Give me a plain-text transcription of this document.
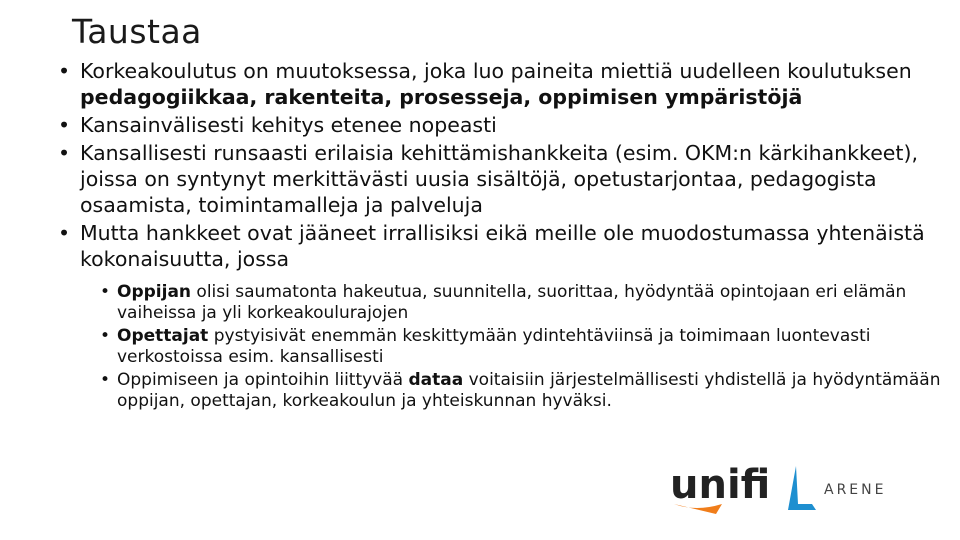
Taustaa
• Korkeakoulutus on muutoksessa, joka luo paineita miettiä uudelleen koulutuksen pedagogiikkaa, rakenteita, prosesseja, oppimisen ympäristöjä
• Kansainvälisesti kehitys etenee nopeasti
• Kansallisesti runsaasti erilaisia kehittämishankkeita (esim. OKM:n kärkihankkeet), joissa on syntynyt merkittävästi uusia sisältöjä, opetustarjontaa, pedagogista osaamista, toimintamalleja ja palveluja
• Mutta hankkeet ovat jääneet irrallisiksi eikä meille ole muodostumassa yhtenäistä kokonaisuutta, jossa
• Oppijan olisi saumatonta hakeutua, suunnitella, suorittaa, hyödyntää opintojaan eri elämän vaiheissa ja yli korkeakoulurajojen
• Opettajat pystyisivät enemmän keskittymään ydintehtäviinsä ja toimimaan luontevasti verkostoissa esim. kansallisesti
• Oppimiseen ja opintoihin liittyvää dataa voitaisiin järjestelmällisesti yhdistellä ja hyödyntämään oppijan, opettajan, korkeakoulun ja yhteiskunnan hyväksi.
unifi	ARENE
